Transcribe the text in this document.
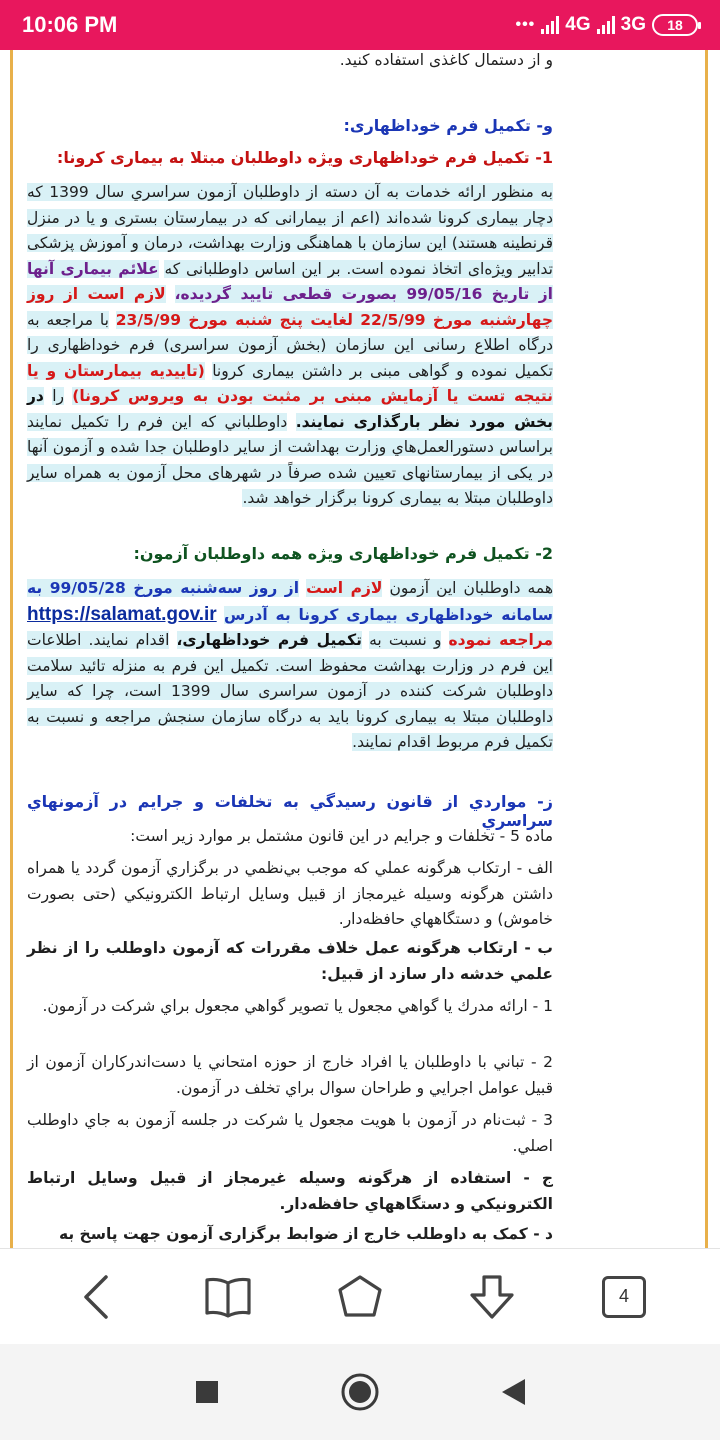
10:06 PM	••• 4G 3G	18
و از دستمال کاغذی استفاده کنید.
و- تکمیل فرم خوداظهاری:
1- تکمیل فرم خوداظهاری ویژه داوطلبان مبتلا به بیماری کرونا:
به منظور ارائه خدمات به آن دسته از داوطلبان آزمون سراسري سال 1399 که دچار بیماری کرونا شده‌اند (اعم از بیمارانی که در بیمارستان بستری و یا در منزل قرنطینه هستند) این سازمان با هماهنگی وزارت بهداشت، درمان و آموزش پزشکی تدابیر ویژه‌ای اتخاذ نموده است. بر این اساس داوطلبانی که علائم بیماری آنها از تاریخ 99/05/16 بصورت قطعی تایید گردیده، لازم است از روز چهارشنبه مورخ 22/5/99 لغایت پنج شنبه مورخ 23/5/99 با مراجعه به درگاه اطلاع رسانی این سازمان (بخش آزمون سراسری) فرم خوداظهاری را تکمیل نموده و گواهی مبنی بر داشتن بیماری کرونا (تاییدیه بیمارستان و یا نتیجه تست یا آزمایش مبنی بر مثبت بودن به ویروس کرونا) را در بخش مورد نظر بارگذاری نمایند. داوطلباني که این فرم را تکمیل نمایند براساس دستورالعمل‌هاي وزارت بهداشت از سایر داوطلبان جدا شده و آزمون آنها در یکی از بیمارستانهای تعیین شده صرفاً در شهرهای محل آزمون به همراه سایر داوطلبان مبتلا به بیماری کرونا برگزار خواهد شد.
2- تکمیل فرم خوداظهاری ویژه همه داوطلبان آزمون:
همه داوطلبان این آزمون لازم است از روز سه‌شنبه مورخ 99/05/28 به سامانه خوداظهاری بیماری کرونا به آدرس https://salamat.gov.ir مراجعه نموده و نسبت به تکمیل فرم خوداظهاری، اقدام نمایند. اطلاعات این فرم در وزارت بهداشت محفوظ است. تکمیل این فرم به منزله تائید سلامت داوطلبان شرکت کننده در آزمون سراسری سال 1399 است، چرا که سایر داوطلبان مبتلا به بیماری کرونا باید به درگاه سازمان سنجش مراجعه و نسبت به تکمیل فرم مربوط اقدام نمایند.
ز- مواردي از قانون رسيدگي به تخلفات و جرايم در آزمونهاي سراسري
ماده 5 - تخلفات و جرایم در این قانون مشتمل بر موارد زیر است:
الف - ارتكاب هرگونه عملي كه موجب بي‌نظمي در برگزاري آزمون گردد يا همراه داشتن هرگونه وسيله غيرمجاز از قبيل وسايل ارتباط الكترونيكي (حتی بصورت خاموش) و دستگاههاي حافظه‌دار.
ب - ارتكاب هرگونه عمل خلاف مقررات كه آزمون داوطلب را از نظر علمي خدشه دار سازد از قبيل:
1 - ارائه مدرك يا گواهي مجعول يا تصوير گواهي مجعول براي شركت در آزمون.
2 - تباني با داوطلبان يا افراد خارج از حوزه امتحاني يا دست‌اندركاران آزمون از قبيل عوامل اجرايي و طراحان سوال براي تخلف در آزمون.
3 - ثبت‌نام در آزمون با هويت مجعول يا شركت در جلسه آزمون به جاي داوطلب اصلي.
ج - استفاده از هرگونه وسيله غيرمجاز از قبيل وسايل ارتباط الكترونيكي و دستگاههاي حافظه‌دار.
د - کمک به داوطلب خارج از ضوابط برگزاری آزمون جهت پاسخ به
4
